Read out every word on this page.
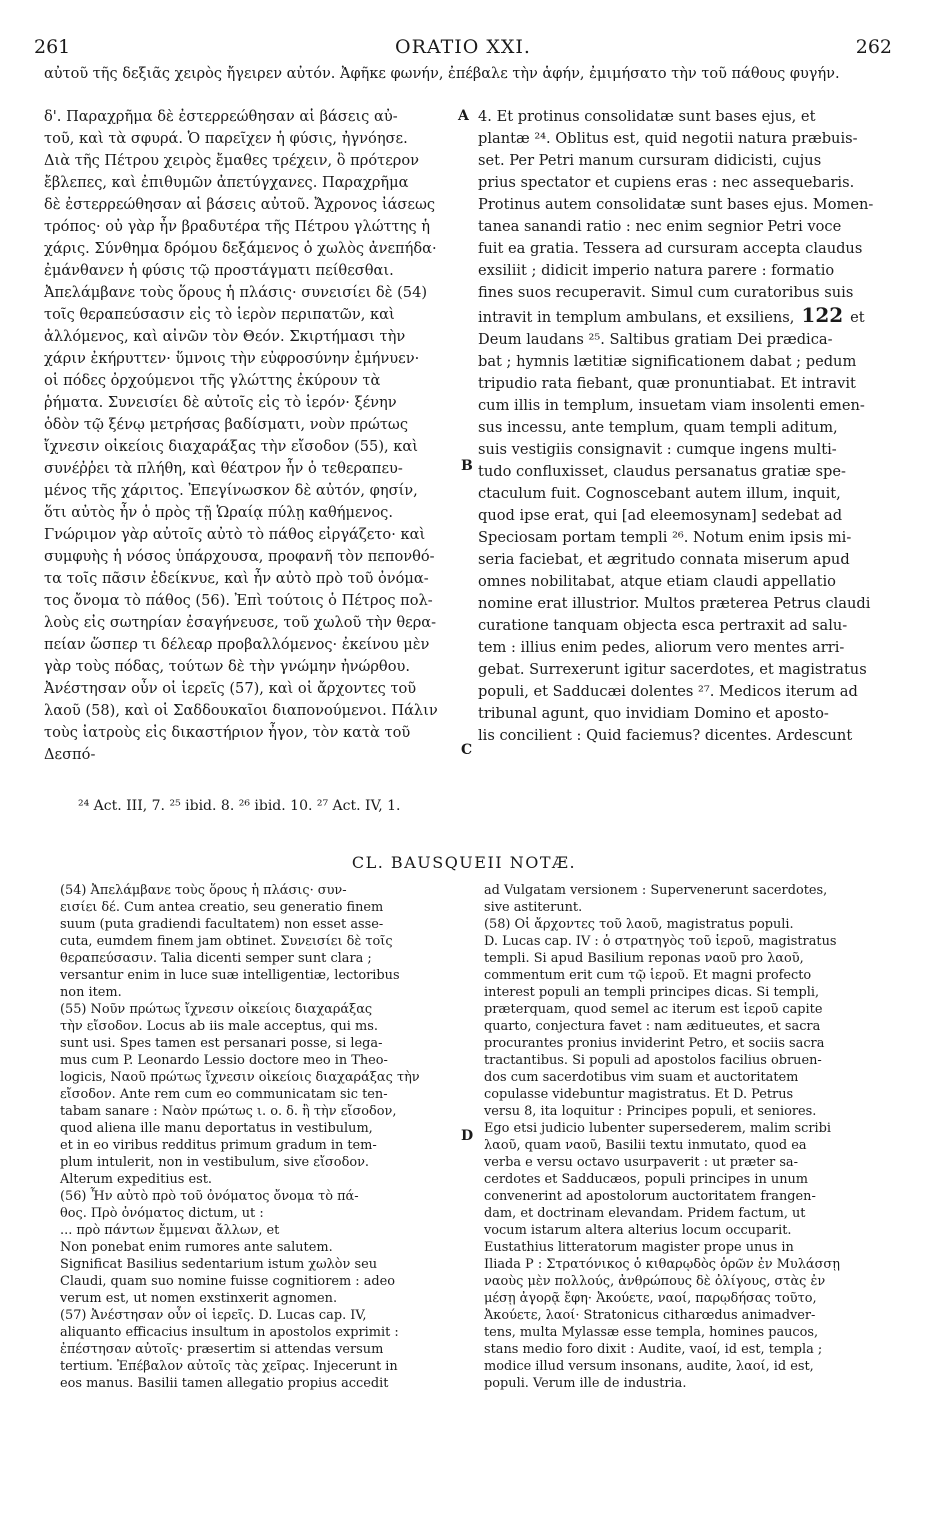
261	ORATIO XXI.	262
αὐτοῦ τῆς δεξιᾶς χειρὸς ἤγειρεν αὐτόν. Ἀφῆκε φωνήν, ἐπέβαλε τὴν ἁφήν, ἐμιμήσατο τὴν τοῦ πάθους φυγήν.

δ'. Παραχρῆμα δὲ ἐστερρεώθησαν αἱ βάσεις αὐ-

τοῦ, καὶ τὰ σφυρά. Ὁ παρεῖχεν ἡ φύσις, ἠγνόησε.

Διὰ τῆς Πέτρου χειρὸς ἔμαθες τρέχειν, ὃ πρότερον

ἔβλεπες, καὶ ἐπιθυμῶν ἀπετύγχανες. Παραχρῆμα

δὲ ἐστερρεώθησαν αἱ βάσεις αὐτοῦ. Ἄχρονος ἰάσεως

τρόπος· οὐ γὰρ ἦν βραδυτέρα τῆς Πέτρου γλώττης ἡ

χάρις. Σύνθημα δρόμου δεξάμενος ὁ χωλὸς ἀνεπήδα·

ἐμάνθανεν ἡ φύσις τῷ προστάγματι πείθεσθαι.

Ἀπελάμβανε τοὺς ὅρους ἡ πλάσις· συνεισίει δὲ (54)

τοῖς θεραπεύσασιν εἰς τὸ ἱερὸν περιπατῶν, καὶ

ἀλλόμενος, καὶ αἰνῶν τὸν Θεόν. Σκιρτήμασι τὴν

χάριν ἐκήρυττεν· ὕμνοις τὴν εὐφροσύνην ἐμήνυεν·

οἱ πόδες ὀρχούμενοι τῆς γλώττης ἐκύρουν τὰ

ῥήματα. Συνεισίει δὲ αὐτοῖς εἰς τὸ ἱερόν· ξένην

ὁδὸν τῷ ξένῳ μετρήσας βαδίσματι, νοὺν πρώτως

ἴχνεσιν οἰκείοις διαχαράξας τὴν εἴσοδον (55), καὶ

συνέῤῥει τὰ πλήθη, καὶ θέατρον ἦν ὁ τεθεραπευ-

μένος τῆς χάριτος. Ἐπεγίνωσκον δὲ αὐτόν, φησίν,

ὅτι αὐτὸς ἦν ὁ πρὸς τῇ Ὡραίᾳ πύλῃ καθήμενος.

Γνώριμον γὰρ αὐτοῖς αὐτὸ τὸ πάθος εἰργάζετο· καὶ

συμφυὴς ἡ νόσος ὑπάρχουσα, προφανῆ τὸν πεπονθό-

τα τοῖς πᾶσιν ἐδείκνυε, καὶ ἦν αὐτὸ πρὸ τοῦ ὀνόμα-

τος ὄνομα τὸ πάθος (56). Ἐπὶ τούτοις ὁ Πέτρος πολ-

λοὺς εἰς σωτηρίαν ἐσαγήνευσε, τοῦ χωλοῦ τὴν θερα-

πείαν ὥσπερ τι δέλεαρ προβαλλόμενος· ἐκείνου μὲν

γὰρ τοὺς πόδας, τούτων δὲ τὴν γνώμην ἠνώρθου.

Ἀνέστησαν οὖν οἱ ἱερεῖς (57), καὶ οἱ ἄρχοντες τοῦ

λαοῦ (58), καὶ οἱ Σαδδουκαῖοι διαπονούμενοι. Πάλιν

τοὺς ἰατροὺς εἰς δικαστήριον ἦγον, τὸν κατὰ τοῦ Δεσπό-

A
B
C
D

4. Et protinus consolidatæ sunt bases ejus, et

plantæ ²⁴. Oblitus est, quid negotii natura præbuis-

set. Per Petri manum cursuram didicisti, cujus

prius spectator et cupiens eras : nec assequebaris.

Protinus autem consolidatæ sunt bases ejus. Momen-

tanea sanandi ratio : nec enim segnior Petri voce

fuit ea gratia. Tessera ad cursuram accepta claudus

exsiliit ; didicit imperio natura parere : formatio

fines suos recuperavit. Simul cum curatoribus suis

intravit in templum ambulans, et exsiliens, 122 et

Deum laudans ²⁵. Saltibus gratiam Dei prædica-

bat ; hymnis lætitiæ significationem dabat ; pedum

tripudio rata fiebant, quæ pronuntiabat. Et intravit

cum illis in templum, insuetam viam insolenti emen-

sus incessu, ante templum, quam templi aditum,

suis vestigiis consignavit : cumque ingens multi-

tudo confluxisset, claudus persanatus gratiæ spe-

ctaculum fuit. Cognoscebant autem illum, inquit,

quod ipse erat, qui [ad eleemosynam] sedebat ad

Speciosam portam templi ²⁶. Notum enim ipsis mi-

seria faciebat, et ægritudo connata miserum apud

omnes nobilitabat, atque etiam claudi appellatio

nomine erat illustrior. Multos præterea Petrus claudi

curatione tanquam objecta esca pertraxit ad salu-

tem : illius enim pedes, aliorum vero mentes arri-

gebat. Surrexerunt igitur sacerdotes, et magistratus

populi, et Sadducæi dolentes ²⁷. Medicos iterum ad

tribunal agunt, quo invidiam Domino et aposto-

lis concilient : Quid faciemus? dicentes. Ardescunt

²⁴ Act. III, 7. ²⁵ ibid. 8. ²⁶ ibid. 10. ²⁷ Act. IV, 1.
CL. BAUSQUEII NOTÆ.

(54) Ἀπελάμβανε τοὺς ὅρους ἡ πλάσις· συν-

εισίει δέ. Cum antea creatio, seu generatio finem

suum (puta gradiendi facultatem) non esset asse-

cuta, eumdem finem jam obtinet. Συνεισίει δὲ τοῖς

θεραπεύσασιν. Talia dicenti semper sunt clara ;

versantur enim in luce suæ intelligentiæ, lectoribus

non item.

(55) Νοῦν πρώτως ἴχνεσιν οἰκείοις διαχαράξας

τὴν εἴσοδον. Locus ab iis male acceptus, qui ms.

sunt usi. Spes tamen est persanari posse, si lega-

mus cum P. Leonardo Lessio doctore meo in Theo-

logicis, Ναοῦ πρώτως ἴχνεσιν οἰκείοις διαχαράξας τὴν

εἴσοδον. Ante rem cum eo communicatam sic ten-

tabam sanare : Ναὸν πρώτως ι. ο. δ. ἢ τὴν εἴσοδον,

quod aliena ille manu deportatus in vestibulum,

et in eo viribus redditus primum gradum in tem-

plum intulerit, non in vestibulum, sive εἴσοδον.

Alterum expeditius est.

(56) Ἦν αὐτὸ πρὸ τοῦ ὀνόματος ὄνομα τὸ πά-

θος. Πρὸ ὀνόματος dictum, ut :

... πρὸ πάντων ἔμμεναι ἄλλων, et

Non ponebat enim rumores ante salutem.

Significat Basilius sedentarium istum χωλὸν seu

Claudi, quam suo nomine fuisse cognitiorem : adeo

verum est, ut nomen exstinxerit agnomen.

(57) Ἀνέστησαν οὖν οἱ ἱερεῖς. D. Lucas cap. IV,

aliquanto efficacius insultum in apostolos exprimit :

ἐπέστησαν αὐτοῖς· præsertim si attendas versum

tertium. Ἐπέβαλον αὐτοῖς τὰς χεῖρας. Injecerunt in

eos manus. Basilii tamen allegatio propius accedit

ad Vulgatam versionem : Supervenerunt sacerdotes,

sive astiterunt.

(58) Οἱ ἄρχοντες τοῦ λαοῦ, magistratus populi.

D. Lucas cap. IV : ὁ στρατηγὸς τοῦ ἱεροῦ, magistratus

templi. Si apud Basilium reponas ναοῦ pro λαοῦ,

commentum erit cum τῷ ἱεροῦ. Et magni profecto

interest populi an templi principes dicas. Si templi,

præterquam, quod semel ac iterum est ἱεροῦ capite

quarto, conjectura favet : nam æditueutes, et sacra

procurantes pronius inviderint Petro, et sociis sacra

tractantibus. Si populi ad apostolos facilius obruen-

dos cum sacerdotibus vim suam et auctoritatem

copulasse videbuntur magistratus. Et D. Petrus

versu 8, ita loquitur : Principes populi, et seniores.

Ego etsi judicio lubenter supersederem, malim scribi

λαοῦ, quam ναοῦ, Basilii textu inmutato, quod ea

verba e versu octavo usurpaverit : ut præter sa-

cerdotes et Sadducæos, populi principes in unum

convenerint ad apostolorum auctoritatem frangen-

dam, et doctrinam elevandam. Pridem factum, ut

vocum istarum altera alterius locum occuparit.

Eustathius litteratorum magister prope unus in

Iliada P : Στρατόνικος ὁ κιθαρῳδὸς ὁρῶν ἐν Μυλάσσῃ

ναοὺς μὲν πολλούς, ἀνθρώπους δὲ ὀλίγους, στὰς ἐν

μέσῃ ἀγορᾷ ἔφη· Ἀκούετε, ναοί, παρῳδήσας τοῦτο,

Ἀκούετε, λαοί· Stratonicus citharœdus animadver-

tens, multa Mylassæ esse templa, homines paucos,

stans medio foro dixit : Audite, vaoí, id est, templa ;

modice illud versum insonans, audite, λαοί, id est,

populi. Verum ille de industria.
